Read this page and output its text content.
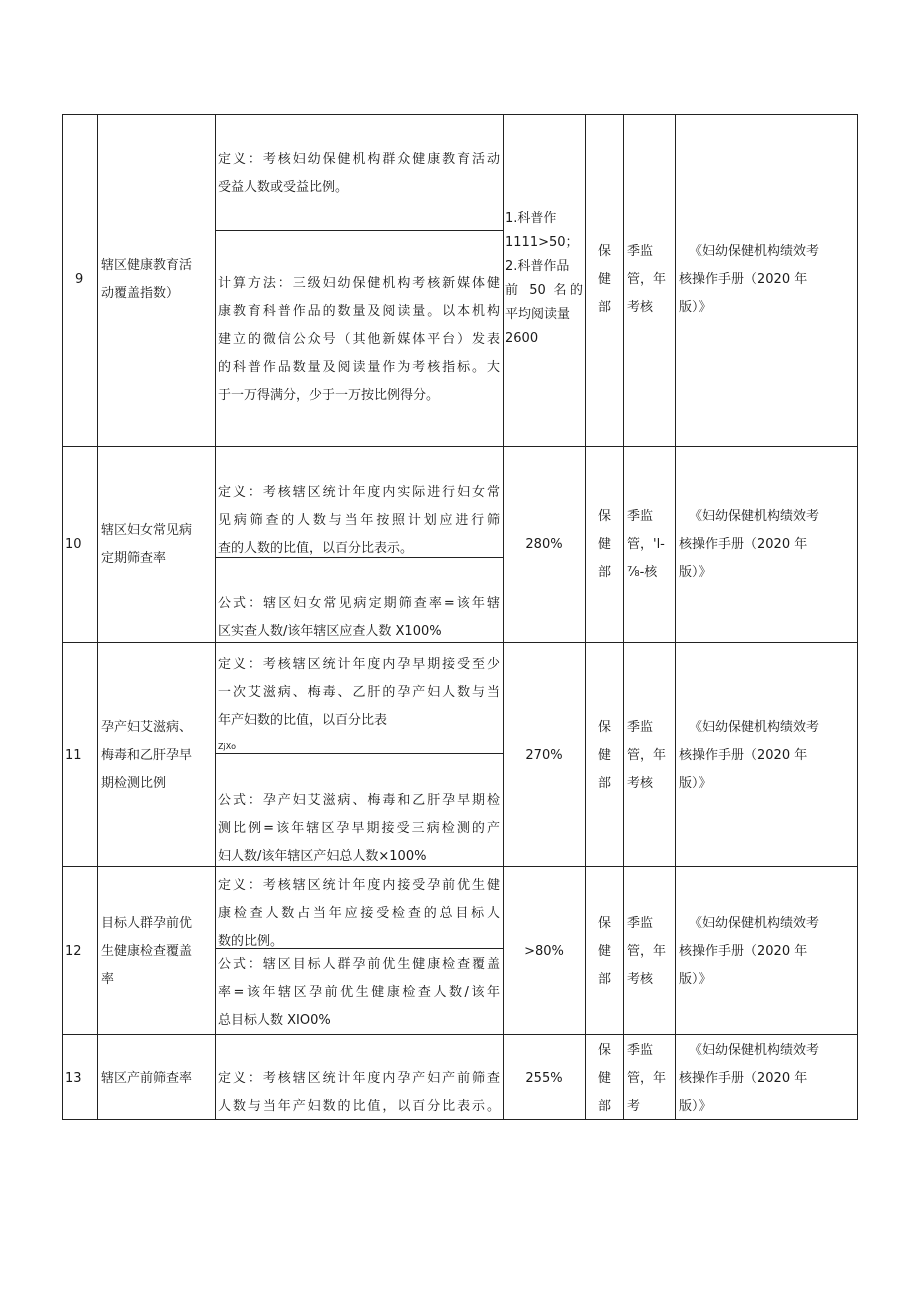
9
辖区健康教育活
动覆盖指数）
定义：考核妇幼保健机构群众健康教育活动
受益人数或受益比例。
计算方法：三级妇幼保健机构考核新媒体健
康教育科普作品的数量及阅读量。以本机构
建立的微信公众号（其他新媒体平台）发表
的科普作品数量及阅读量作为考核指标。大
于一万得满分，少于一万按比例得分。
1.科普作
1111>50；
2.科普作品
前 50 名的
平均阅读量
2600
保
健
部
季监
管，年
考核
《妇幼保健机构绩效考
核操作手册（2020 年
版）》
10
辖区妇女常见病
定期筛查率
定义：考核辖区统计年度内实际进行妇女常
见病筛查的人数与当年按照计划应进行筛
查的人数的比值，以百分比表示。
公式：辖区妇女常见病定期筛查率=该年辖
区实查人数/该年辖区应查人数 X100%
280%
保
健
部
季监
管，'l-
⅞-核
《妇幼保健机构绩效考
核操作手册（2020 年
版）》
11
孕产妇艾滋病、
梅毒和乙肝孕早
期检测比例
定义：考核辖区统计年度内孕早期接受至少
一次艾滋病、梅毒、乙肝的孕产妇人数与当
年产妇数的比值，以百分比表
ZjXo
公式：孕产妇艾滋病、梅毒和乙肝孕早期检
测比例=该年辖区孕早期接受三病检测的产
妇人数/该年辖区产妇总人数×100%
270%
保
健
部
季监
管，年
考核
《妇幼保健机构绩效考
核操作手册（2020 年
版）》
12
目标人群孕前优
生健康检查覆盖
率
定义：考核辖区统计年度内接受孕前优生健
康检查人数占当年应接受检查的总目标人
数的比例。
公式：辖区目标人群孕前优生健康检查覆盖
率=该年辖区孕前优生健康检查人数/该年
总目标人数 XIO0%
>80%
保
健
部
季监
管，年
考核
《妇幼保健机构绩效考
核操作手册（2020 年
版）》
13 辖区产前筛查率	定义：考核辖区统计年度内孕产妇产前筛查
人数与当年产妇数的比值，以百分比表示。
255%
保
健
部
季监
管，年
考
《妇幼保健机构绩效考
核操作手册（2020 年
版）》
